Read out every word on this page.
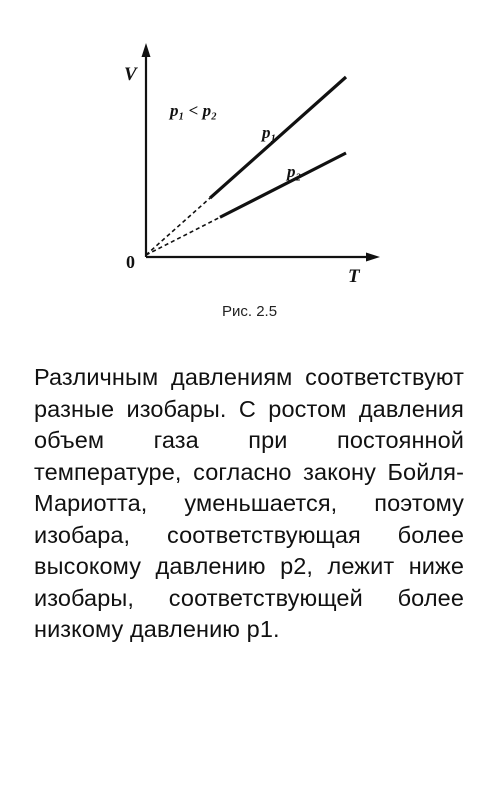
V
T
0
p₁ < p₂
p₁
p₂
Рис. 2.5

Различным давлениям соответствуют разные изобары. С ростом давления объем газа при постоянной температуре, согласно закону Бойля-Мариотта, уменьшается, поэтому изобара, соответствующая более высокому давлению p2, лежит ниже изобары, соответствующей более низкому давлению p1.
